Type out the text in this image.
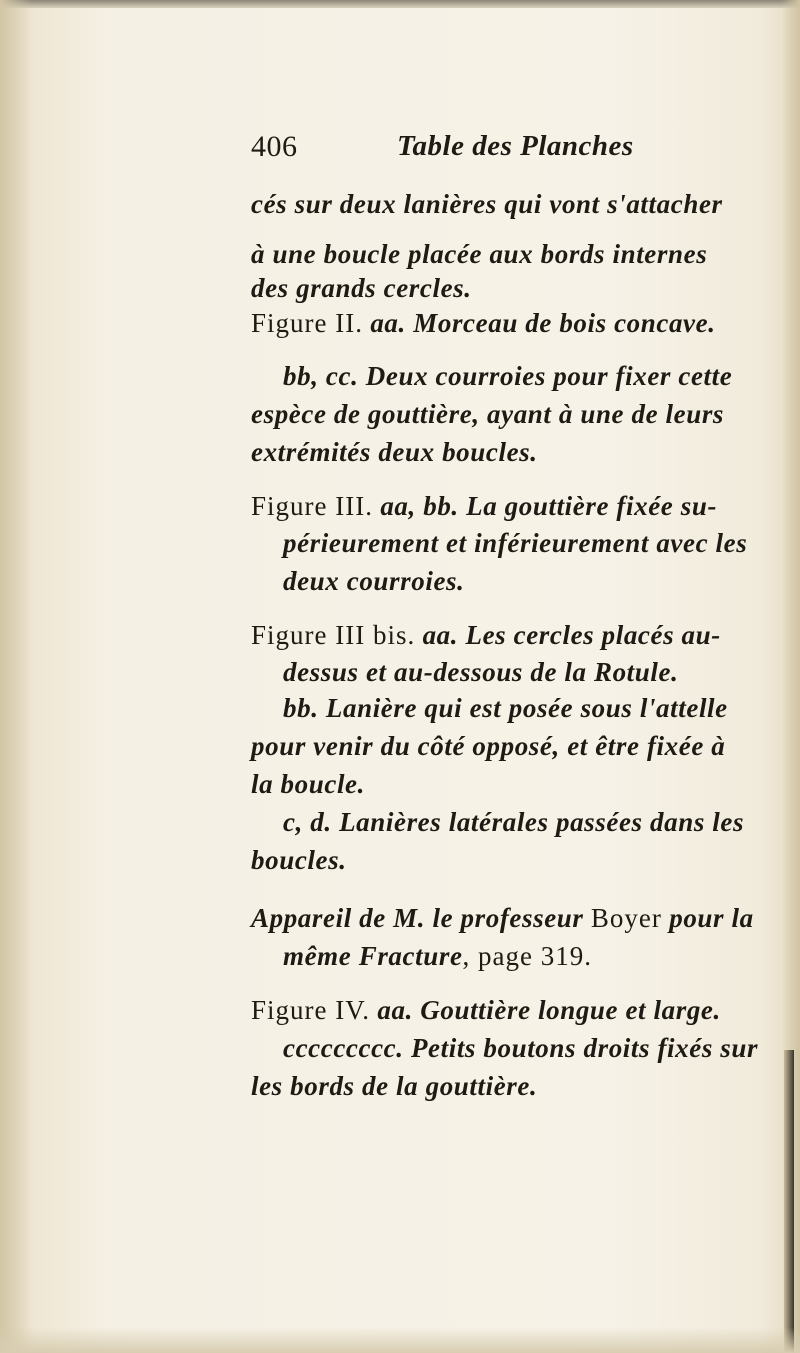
406	Table des Planches
cés sur deux lanières qui vont s'attacher
à une boucle placée aux bords internes
des grands cercles.
Figure II. aa. Morceau de bois concave.
bb, cc. Deux courroies pour fixer cette
espèce de gouttière, ayant à une de leurs
extrémités deux boucles.
Figure III. aa, bb. La gouttière fixée su-
périeurement et inférieurement avec les
deux courroies.
Figure III bis. aa. Les cercles placés au-
dessus et au-dessous de la Rotule.
bb. Lanière qui est posée sous l'attelle
pour venir du côté opposé, et être fixée à
la boucle.
c, d. Lanières latérales passées dans les
boucles.
Appareil de M. le professeur Boyer pour la
même Fracture, page 319.
Figure IV. aa. Gouttière longue et large.
ccccccccc. Petits boutons droits fixés sur
les bords de la gouttière.
